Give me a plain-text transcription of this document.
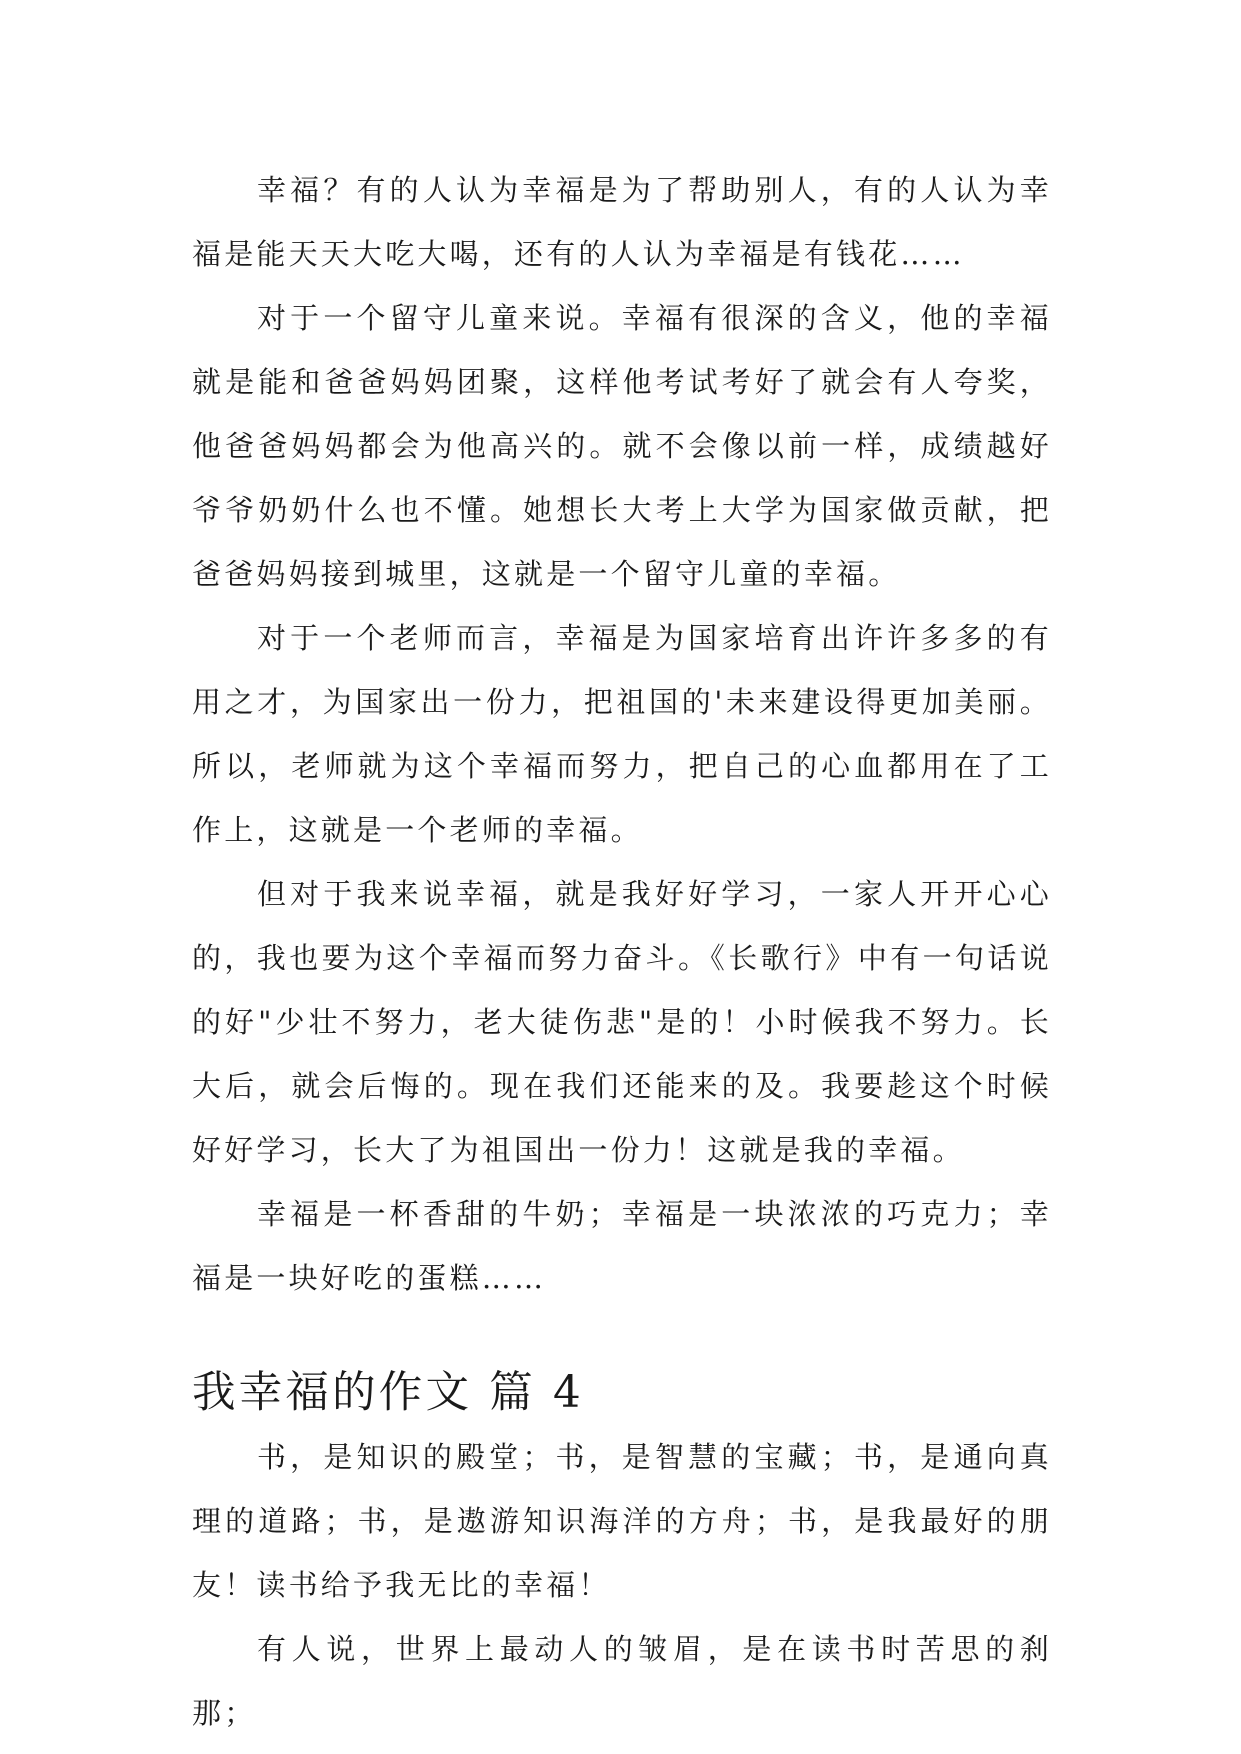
幸福？有的人认为幸福是为了帮助别人，有的人认为幸福是能天天大吃大喝，还有的人认为幸福是有钱花……

对于一个留守儿童来说。幸福有很深的含义，他的幸福就是能和爸爸妈妈团聚，这样他考试考好了就会有人夸奖，他爸爸妈妈都会为他高兴的。就不会像以前一样，成绩越好爷爷奶奶什么也不懂。她想长大考上大学为国家做贡献，把爸爸妈妈接到城里，这就是一个留守儿童的幸福。

对于一个老师而言，幸福是为国家培育出许许多多的有用之才，为国家出一份力，把祖国的'未来建设得更加美丽。所以，老师就为这个幸福而努力，把自己的心血都用在了工作上，这就是一个老师的幸福。

但对于我来说幸福，就是我好好学习，一家人开开心心的，我也要为这个幸福而努力奋斗。《长歌行》中有一句话说的好"少壮不努力，老大徒伤悲"是的！小时候我不努力。长大后，就会后悔的。现在我们还能来的及。我要趁这个时候好好学习，长大了为祖国出一份力！这就是我的幸福。

幸福是一杯香甜的牛奶；幸福是一块浓浓的巧克力；幸福是一块好吃的蛋糕……

我幸福的作文 篇 4

书，是知识的殿堂；书，是智慧的宝藏；书，是通向真理的道路；书，是遨游知识海洋的方舟；书，是我最好的朋友！读书给予我无比的幸福！

有人说，世界上最动人的皱眉，是在读书时苦思的刹那；
